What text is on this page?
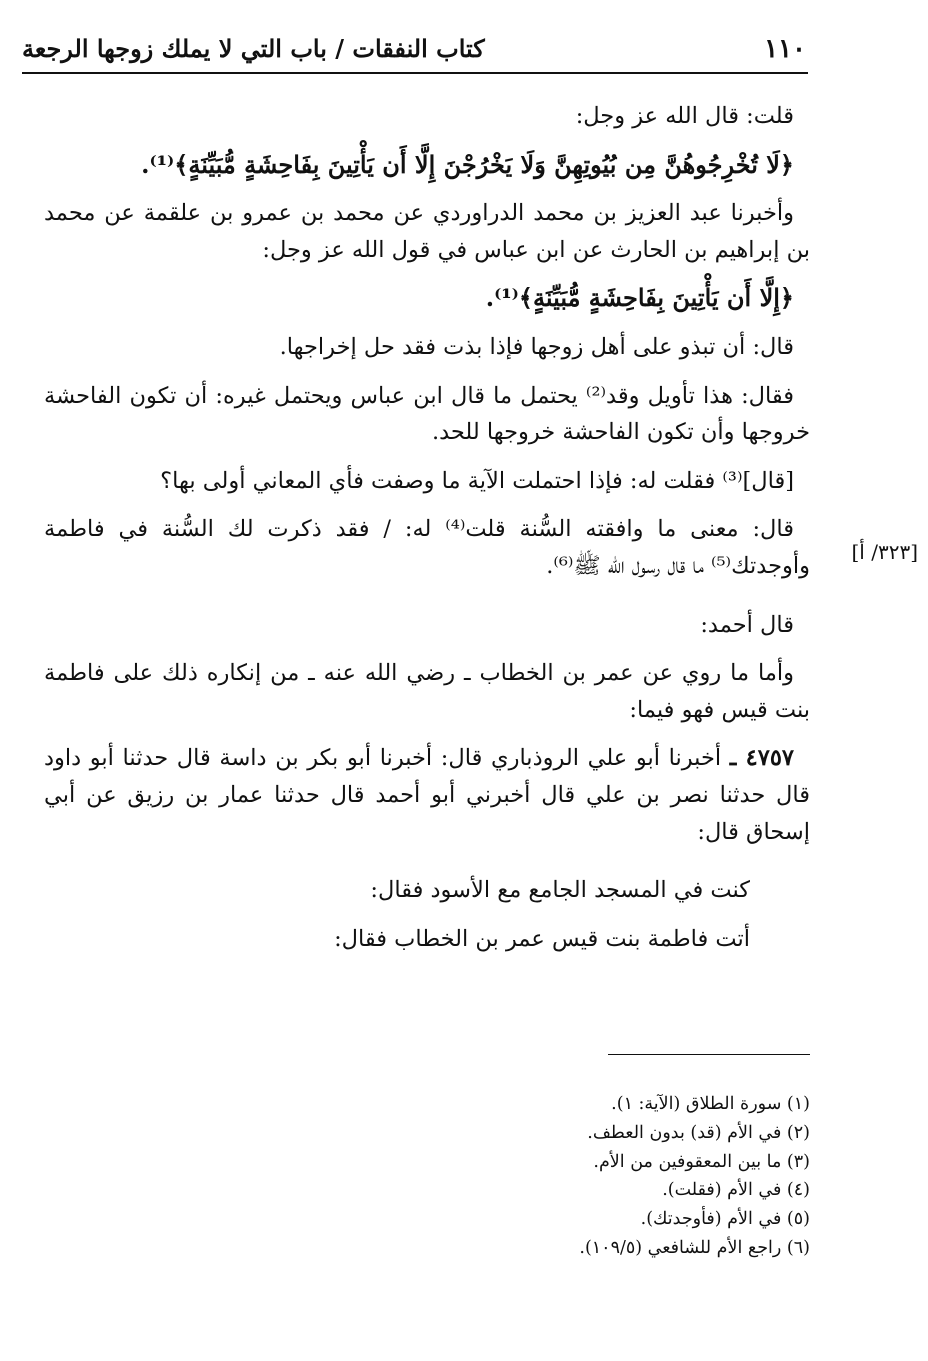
١١٠
كتاب النفقات / باب التي لا يملك زوجها الرجعة
[٣٢٣/ أ]

قلت: قال الله عز وجل:

﴿لَا تُخْرِجُوهُنَّ مِن بُيُوتِهِنَّ وَلَا يَخْرُجْنَ إِلَّا أَن يَأْتِينَ بِفَاحِشَةٍ مُّبَيِّنَةٍ﴾⁽¹⁾.

وأخبرنا عبد العزيز بن محمد الدراوردي عن محمد بن عمرو بن علقمة عن محمد بن إبراهيم بن الحارث عن ابن عباس في قول الله عز وجل:

﴿إِلَّا أَن يَأْتِينَ بِفَاحِشَةٍ مُّبَيِّنَةٍ﴾⁽¹⁾.

قال: أن تبذو على أهل زوجها فإذا بذت فقد حل إخراجها.

فقال: هذا تأويل وقد⁽²⁾ يحتمل ما قال ابن عباس ويحتمل غيره: أن تكون الفاحشة خروجها وأن تكون الفاحشة خروجها للحد.

[قال]⁽³⁾ فقلت له: فإذا احتملت الآية ما وصفت فأي المعاني أولى بها؟

قال: معنى ما وافقته السُّنة قلت⁽⁴⁾ له: / فقد ذكرت لك السُّنة في فاطمة وأوجدتك⁽⁵⁾ ما قال رسول الله ﷺ⁽⁶⁾.

قال أحمد:

وأما ما روي عن عمر بن الخطاب ـ رضي الله عنه ـ من إنكاره ذلك على فاطمة بنت قيس فهو فيما:

٤٧٥٧ ـ أخبرنا أبو علي الروذباري قال: أخبرنا أبو بكر بن داسة قال حدثنا أبو داود قال حدثنا نصر بن علي قال أخبرني أبو أحمد قال حدثنا عمار بن رزيق عن أبي إسحاق قال:

كنت في المسجد الجامع مع الأسود فقال:

أتت فاطمة بنت قيس عمر بن الخطاب فقال:

(١) سورة الطلاق (الآية: ١).

(٢) في الأم (قد) بدون العطف.

(٣) ما بين المعقوفين من الأم.

(٤) في الأم (فقلت).

(٥) في الأم (فأوجدتك).

(٦) راجع الأم للشافعي (١٠٩/٥).
